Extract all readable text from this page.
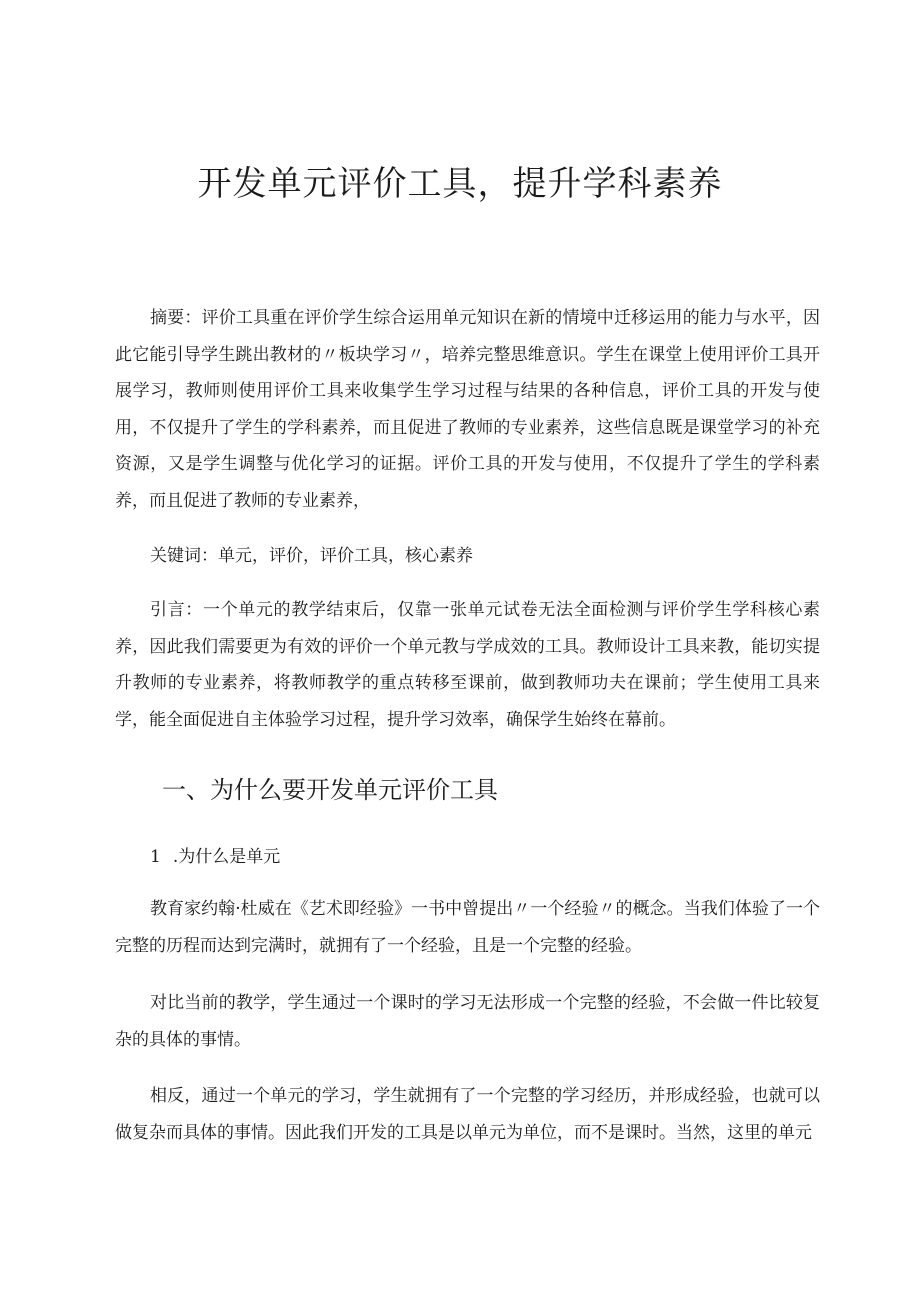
开发单元评价工具，提升学科素养

摘要：评价工具重在评价学生综合运用单元知识在新的情境中迁移运用的能力与水平，因此它能引导学生跳出教材的〃板块学习〃，培养完整思维意识。学生在课堂上使用评价工具开展学习，教师则使用评价工具来收集学生学习过程与结果的各种信息，评价工具的开发与使用，不仅提升了学生的学科素养，而且促进了教师的专业素养，这些信息既是课堂学习的补充资源，又是学生调整与优化学习的证据。评价工具的开发与使用，不仅提升了学生的学科素养，而且促进了教师的专业素养，

关键词：单元，评价，评价工具，核心素养

引言：一个单元的教学结束后，仅靠一张单元试卷无法全面检测与评价学生学科核心素养，因此我们需要更为有效的评价一个单元教与学成效的工具。教师设计工具来教，能切实提升教师的专业素养，将教师教学的重点转移至课前，做到教师功夫在课前；学生使用工具来学，能全面促进自主体验学习过程，提升学习效率，确保学生始终在幕前。

一、为什么要开发单元评价工具
1 .为什么是单元

教育家约翰·杜威在《艺术即经验》一书中曾提出〃一个经验〃的概念。当我们体验了一个完整的历程而达到完满时，就拥有了一个经验，且是一个完整的经验。

对比当前的教学，学生通过一个课时的学习无法形成一个完整的经验，不会做一件比较复杂的具体的事情。

相反，通过一个单元的学习，学生就拥有了一个完整的学习经历，并形成经验，也就可以做复杂而具体的事情。因此我们开发的工具是以单元为单位，而不是课时。当然，这里的单元
